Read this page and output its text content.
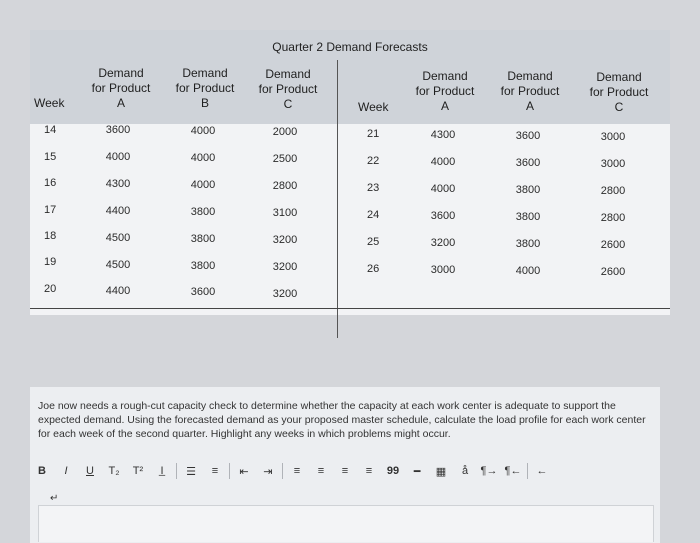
Quarter 2 Demand Forecasts
Week
Demand
for Product
A
Demand
for Product
B
Demand
for Product
C	Week
Demand
for Product
A
Demand
for Product
A
Demand
for Product
C
14	3600	4000	2000
15	4000	4000	2500
16	4300	4000	2800
17	4400	3800	3100
18	4500	3800	3200
19	4500	3800	3200
20	4400	3600	3200
21	4300	3600	3000
22	4000	3600	3000
23	4000	3800	2800
24	3600	3800	2800
25	3200	3800	2600
26	3000	4000	2600
Joe now needs a rough-cut capacity check to determine whether the capacity at each work center is adequate to support the expected demand. Using the forecasted demand as your proposed master schedule, calculate the load profile for each work center for each week of the second quarter. Highlight any weeks in which problems might occur.
B	I	U	T₂	T²	I̲	☰	≡	⇤	⇥	≡	≡	≡	≡	99	━	▦	å	¶→ ¶←	←
↵
